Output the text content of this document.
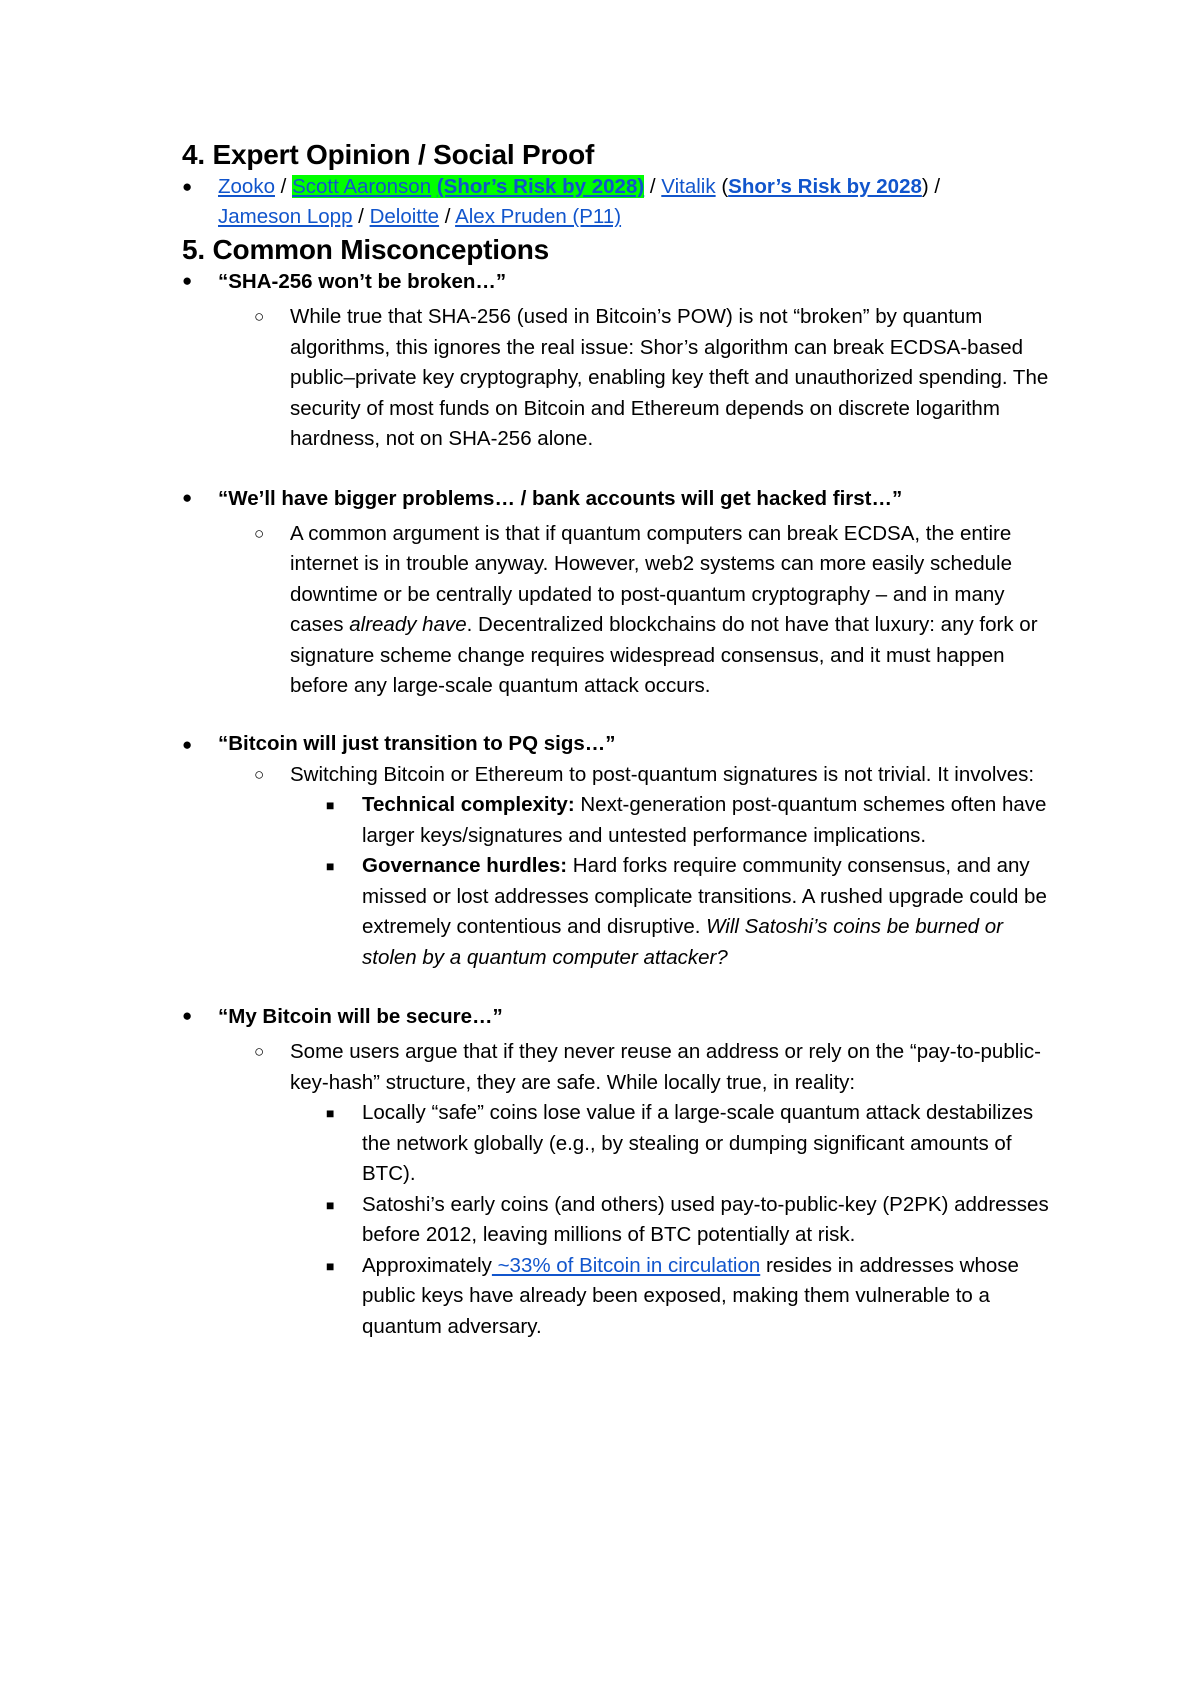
4. Expert Opinion / Social Proof
● Zooko / Scott Aaronson (Shor’s Risk by 2028) / Vitalik (Shor’s Risk by 2028) /
Jameson Lopp / Deloitte / Alex Pruden (P11)
5. Common Misconceptions
● “SHA-256 won’t be broken…”
○ While true that SHA-256 (used in Bitcoin’s POW) is not “broken” by quantum algorithms, this ignores the real issue: Shor’s algorithm can break ECDSA-based public–private key cryptography, enabling key theft and unauthorized spending. The security of most funds on Bitcoin and Ethereum depends on discrete logarithm hardness, not on SHA-256 alone.
● “We’ll have bigger problems… / bank accounts will get hacked first…”
○ A common argument is that if quantum computers can break ECDSA, the entire internet is in trouble anyway. However, web2 systems can more easily schedule downtime or be centrally updated to post-quantum cryptography – and in many cases already have. Decentralized blockchains do not have that luxury: any fork or signature scheme change requires widespread consensus, and it must happen before any large-scale quantum attack occurs.
● “Bitcoin will just transition to PQ sigs…”
○ Switching Bitcoin or Ethereum to post-quantum signatures is not trivial. It involves:
■ Technical complexity: Next-generation post-quantum schemes often have larger keys/signatures and untested performance implications.
■ Governance hurdles: Hard forks require community consensus, and any missed or lost addresses complicate transitions. A rushed upgrade could be extremely contentious and disruptive. Will Satoshi’s coins be burned or stolen by a quantum computer attacker?
● “My Bitcoin will be secure…”
○ Some users argue that if they never reuse an address or rely on the “pay-to-public-key-hash” structure, they are safe. While locally true, in reality:
■ Locally “safe” coins lose value if a large-scale quantum attack destabilizes the network globally (e.g., by stealing or dumping significant amounts of BTC).
■ Satoshi’s early coins (and others) used pay-to-public-key (P2PK) addresses before 2012, leaving millions of BTC potentially at risk.
■ Approximately ~33% of Bitcoin in circulation resides in addresses whose public keys have already been exposed, making them vulnerable to a quantum adversary.
